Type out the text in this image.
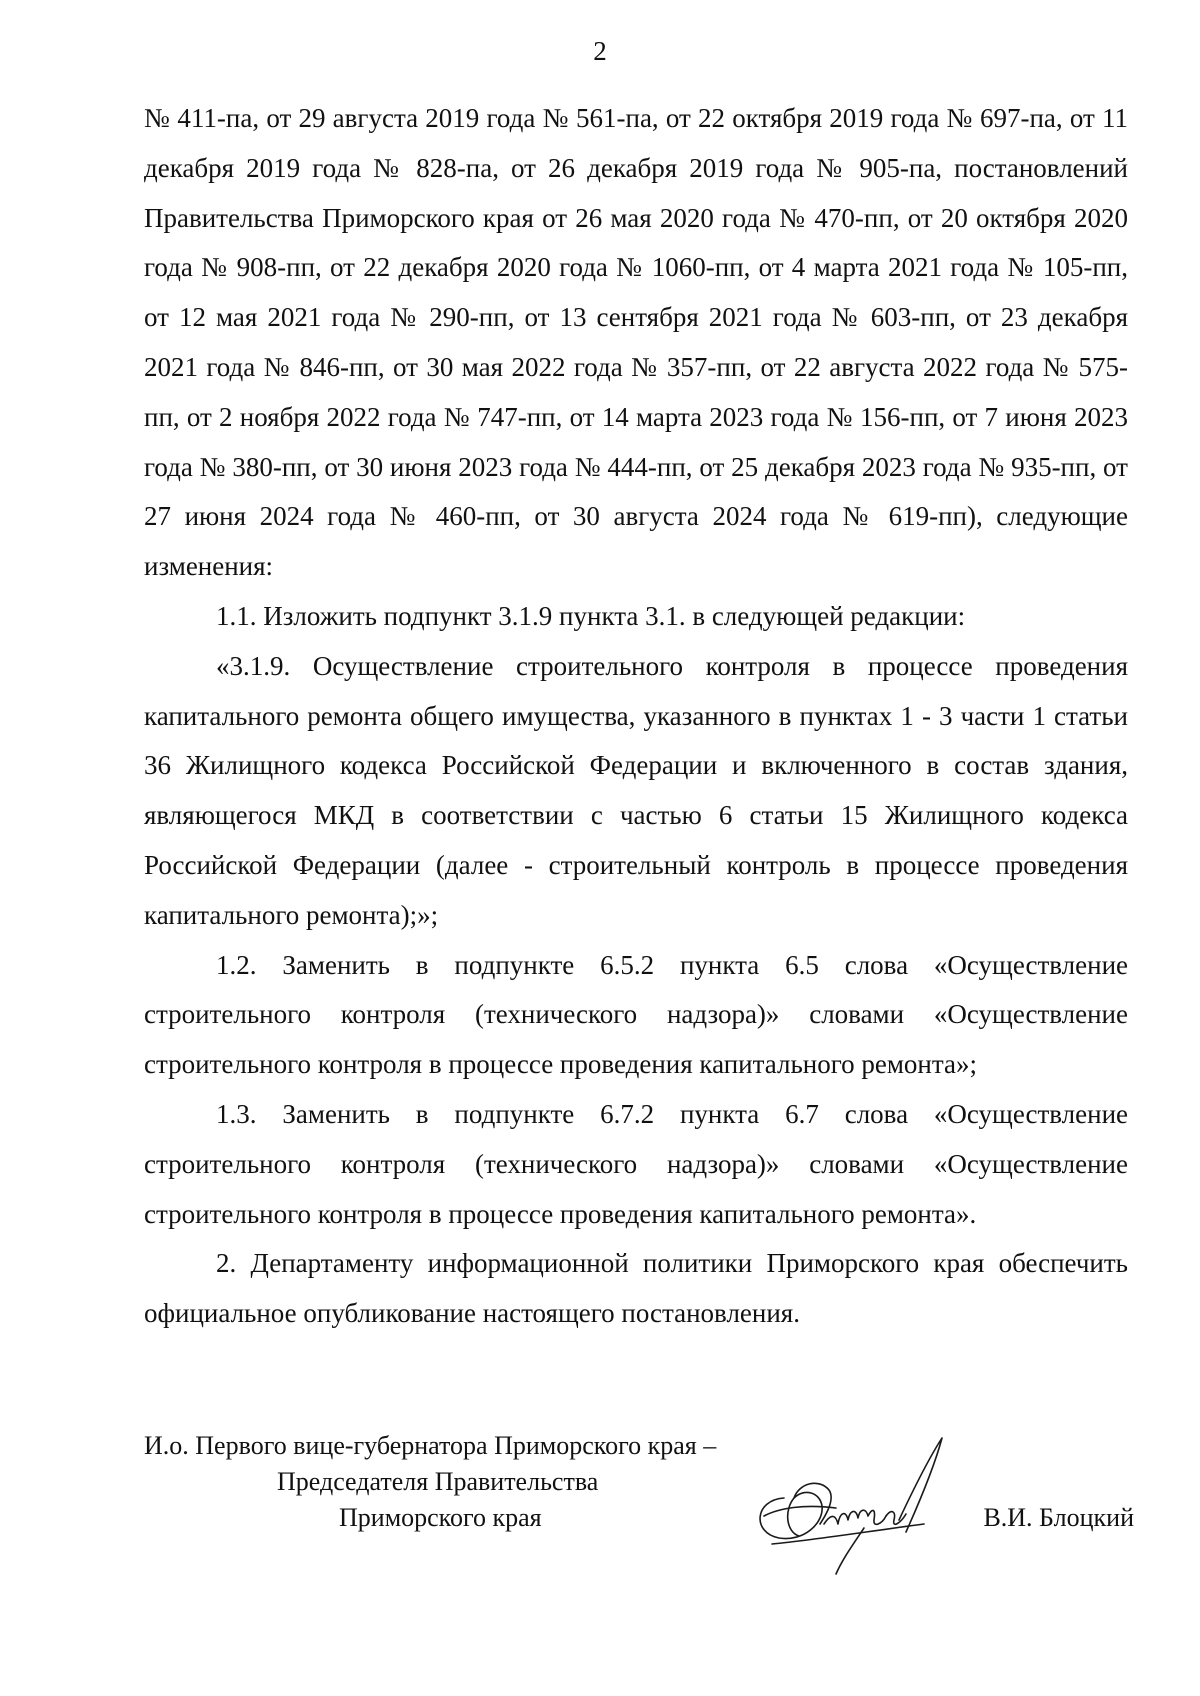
2

№ 411-па, от 29 августа 2019 года № 561-па, от 22 октября 2019 года № 697-па, от 11 декабря 2019 года № 828-па, от 26 декабря 2019 года № 905-па, постановлений Правительства Приморского края от 26 мая 2020 года № 470-пп, от 20 октября 2020 года № 908-пп, от 22 декабря 2020 года № 1060-пп, от 4 марта 2021 года № 105-пп, от 12 мая 2021 года № 290-пп, от 13 сентября 2021 года № 603-пп, от 23 декабря 2021 года № 846-пп, от 30 мая 2022 года № 357-пп, от 22 августа 2022 года № 575-пп, от 2 ноября 2022 года № 747-пп, от 14 марта 2023 года № 156-пп, от 7 июня 2023 года № 380-пп, от 30 июня 2023 года № 444-пп, от 25 декабря 2023 года № 935-пп, от 27 июня 2024 года № 460-пп, от 30 августа 2024 года № 619-пп), следующие изменения:

1.1. Изложить подпункт 3.1.9 пункта 3.1. в следующей редакции:

«3.1.9. Осуществление строительного контроля в процессе проведения капитального ремонта общего имущества, указанного в пунктах 1 - 3 части 1 статьи 36 Жилищного кодекса Российской Федерации и включенного в состав здания, являющегося МКД в соответствии с частью 6 статьи 15 Жилищного кодекса Российской Федерации (далее - строительный контроль в процессе проведения капитального ремонта);»;

1.2. Заменить в подпункте 6.5.2 пункта 6.5 слова «Осуществление строительного контроля (технического надзора)» словами «Осуществление строительного контроля в процессе проведения капитального ремонта»;

1.3. Заменить в подпункте 6.7.2 пункта 6.7 слова «Осуществление строительного контроля (технического надзора)» словами «Осуществление строительного контроля в процессе проведения капитального ремонта».

2. Департаменту информационной политики Приморского края обеспечить официальное опубликование настоящего постановления.

И.о. Первого вице-губернатора Приморского края –
Председателя Правительства
Приморского края	В.И. Блоцкий
